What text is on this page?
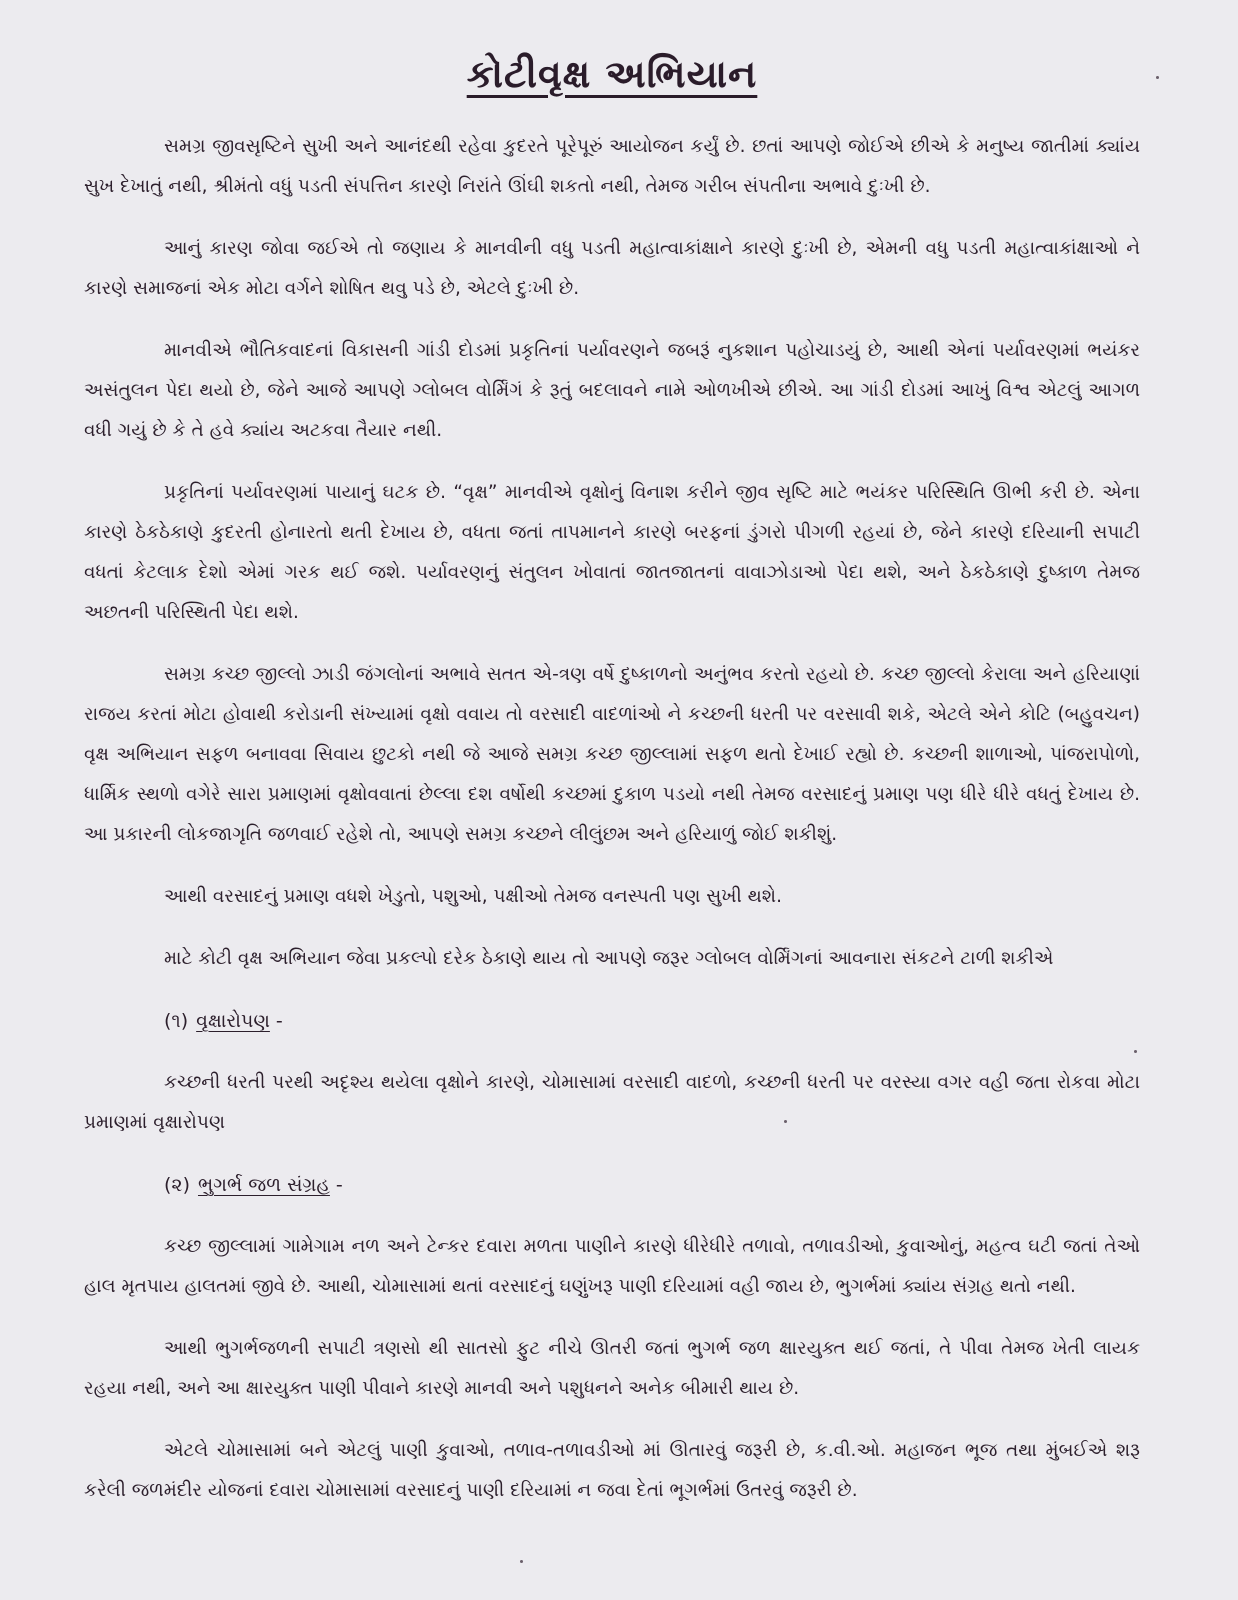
કોટીવૃક્ષ અભિયાન

સમગ્ર જીવસૃષ્ટિને સુખી અને આનંદથી રહેવા કુદરતે પૂરેપૂરું આયોજન કર્યું છે. છતાં આપણે જોઈએ છીએ કે મનુષ્ય જાતીમાં ક્યાંય સુખ દેખાતું નથી, શ્રીમંતો વધું પડતી સંપત્તિન કારણે નિરાંતે ઊંઘી શકતો નથી, તેમજ ગરીબ સંપતીના અભાવે દુઃખી છે.

આનું કારણ જોવા જઈએ તો જણાય કે માનવીની વધુ પડતી મહાત્વાકાંક્ષાને કારણે દુઃખી છે, એમની વધુ પડતી મહાત્વાકાંક્ષાઓ ને કારણે સમાજનાં એક મોટા વર્ગને શોષિત થવુ પડે છે, એટલે દુઃખી છે.

માનવીએ ભૌતિકવાદનાં વિકાસની ગાંડી દોડમાં પ્રકૃતિનાં પર્યાવરણને જબરૂં નુકશાન પહોચાડયું છે, આથી એનાં પર્યાવરણમાં ભયંકર અસંતુલન પેદા થયો છે, જેને આજે આપણે ગ્લોબલ વોર્મિંગં કે રૂતું બદલાવને નામે ઓળખીએ છીએ. આ ગાંડી દોડમાં આખું વિશ્વ એટલું આગળ વધી ગયું છે કે તે હવે ક્યાંય અટકવા તૈયાર નથી.

પ્રકૃતિનાં પર્યાવરણમાં પાયાનું ઘટક છે. “વૃક્ષ” માનવીએ વૃક્ષોનું વિનાશ કરીને જીવ સૃષ્ટિ માટે ભયંકર પરિસ્થિતિ ઊભી કરી છે. એના કારણે ઠેકઠેકાણે કુદરતી હોનારતો થતી દેખાય છે, વધતા જતાં તાપમાનને કારણે બરફનાં ડુંગરો પીગળી રહયાં છે, જેને કારણે દરિયાની સપાટી વધતાં કેટલાક દેશો એમાં ગરક થઈ જશે. પર્યાવરણનું સંતુલન ખોવાતાં જાતજાતનાં વાવાઝોડાઓ પેદા થશે, અને ઠેકઠેકાણે દુષ્કાળ તેમજ અછતની પરિસ્થિતી પેદા થશે.

સમગ્ર કચ્છ જીલ્લો ઝાડી જંગલોનાં અભાવે સતત એ-ત્રણ વર્ષે દુષ્કાળનો અનુંભવ કરતો રહયો છે. કચ્છ જીલ્લો કેરાલા અને હરિયાણાં રાજય કરતાં મોટા હોવાથી કરોડાની સંખ્યામાં વૃક્ષો વવાય તો વરસાદી વાદળાંઓ ને કચ્છની ધરતી પર વરસાવી શકે, એટલે એને કોટિ (બહુવચન) વૃક્ષ અભિયાન સફળ બનાવવા સિવાય છુટકો નથી જે આજે સમગ્ર કચ્છ જીલ્લામાં સફળ થતો દેખાઈ રહ્યો છે. કચ્છની શાળાઓ, પાંજરાપોળો, ધાર્મિક સ્થળો વગેરે સારા પ્રમાણમાં વૃક્ષોવવાતાં છેલ્લા દશ વર્ષોથી કચ્છમાં દુકાળ પડયો નથી તેમજ વરસાદનું પ્રમાણ પણ ધીરે ધીરે વધતું દેખાય છે. આ પ્રકારની લોકજાગૃતિ જળવાઈ રહેશે તો, આપણે સમગ્ર કચ્છને લીલુંછમ અને હરિયાળું જોઈ શકીશું.

આથી વરસાદનું પ્રમાણ વધશે ખેડુતો, પશુઓ, પક્ષીઓ તેમજ વનસ્પતી પણ સુખી થશે.

માટે કોટી વૃક્ષ અભિયાન જેવા પ્રકલ્પો દરેક ઠેકાણે થાય તો આપણે જરૂર ગ્લોબલ વોર્મિંગનાં આવનારા સંકટને ટાળી શકીએ

(૧) વૃક્ષારોપણ -

કચ્છની ધરતી પરથી અદૃશ્ય થયેલા વૃક્ષોને કારણે, ચોમાસામાં વરસાદી વાદળો, કચ્છની ધરતી પર વરસ્યા વગર વહી જતા રોકવા મોટા પ્રમાણમાં વૃક્ષારોપણ

(૨) ભુગર્ભ જળ સંગ્રહ -

કચ્છ જીલ્લામાં ગામેગામ નળ અને ટેન્કર દવારા મળતા પાણીને કારણે ધીરેધીરે તળાવો, તળાવડીઓ, કુવાઓનું, મહત્વ ઘટી જતાં તેઓ હાલ મૃતપાય હાલતમાં જીવે છે. આથી, ચોમાસામાં થતાં વરસાદનું ઘણુંખરૂ પાણી દરિયામાં વહી જાય છે, ભુગર્ભમાં ક્યાંય સંગ્રહ થતો નથી.

આથી ભુગર્ભજળની સપાટી ત્રણસો થી સાતસો ફુટ નીચે ઊતરી જતાં ભુગર્ભ જળ ક્ષારયુક્ત થઈ જતાં, તે પીવા તેમજ ખેતી લાયક રહયા નથી, અને આ ક્ષારયુક્ત પાણી પીવાને કારણે માનવી અને પશુધનને અનેક બીમારી થાય છે.

એટલે ચોમાસામાં બને એટલું પાણી કુવાઓ, તળાવ-તળાવડીઓ માં ઊતારવું જરૂરી છે, ક.વી.ઓ. મહાજન ભૂજ તથા મુંબઈએ શરૂ કરેલી જળમંદીર યોજનાં દવારા ચોમાસામાં વરસાદનું પાણી દરિયામાં ન જવા દેતાં ભૂગર્ભમાં ઉતરવું જરૂરી છે.
